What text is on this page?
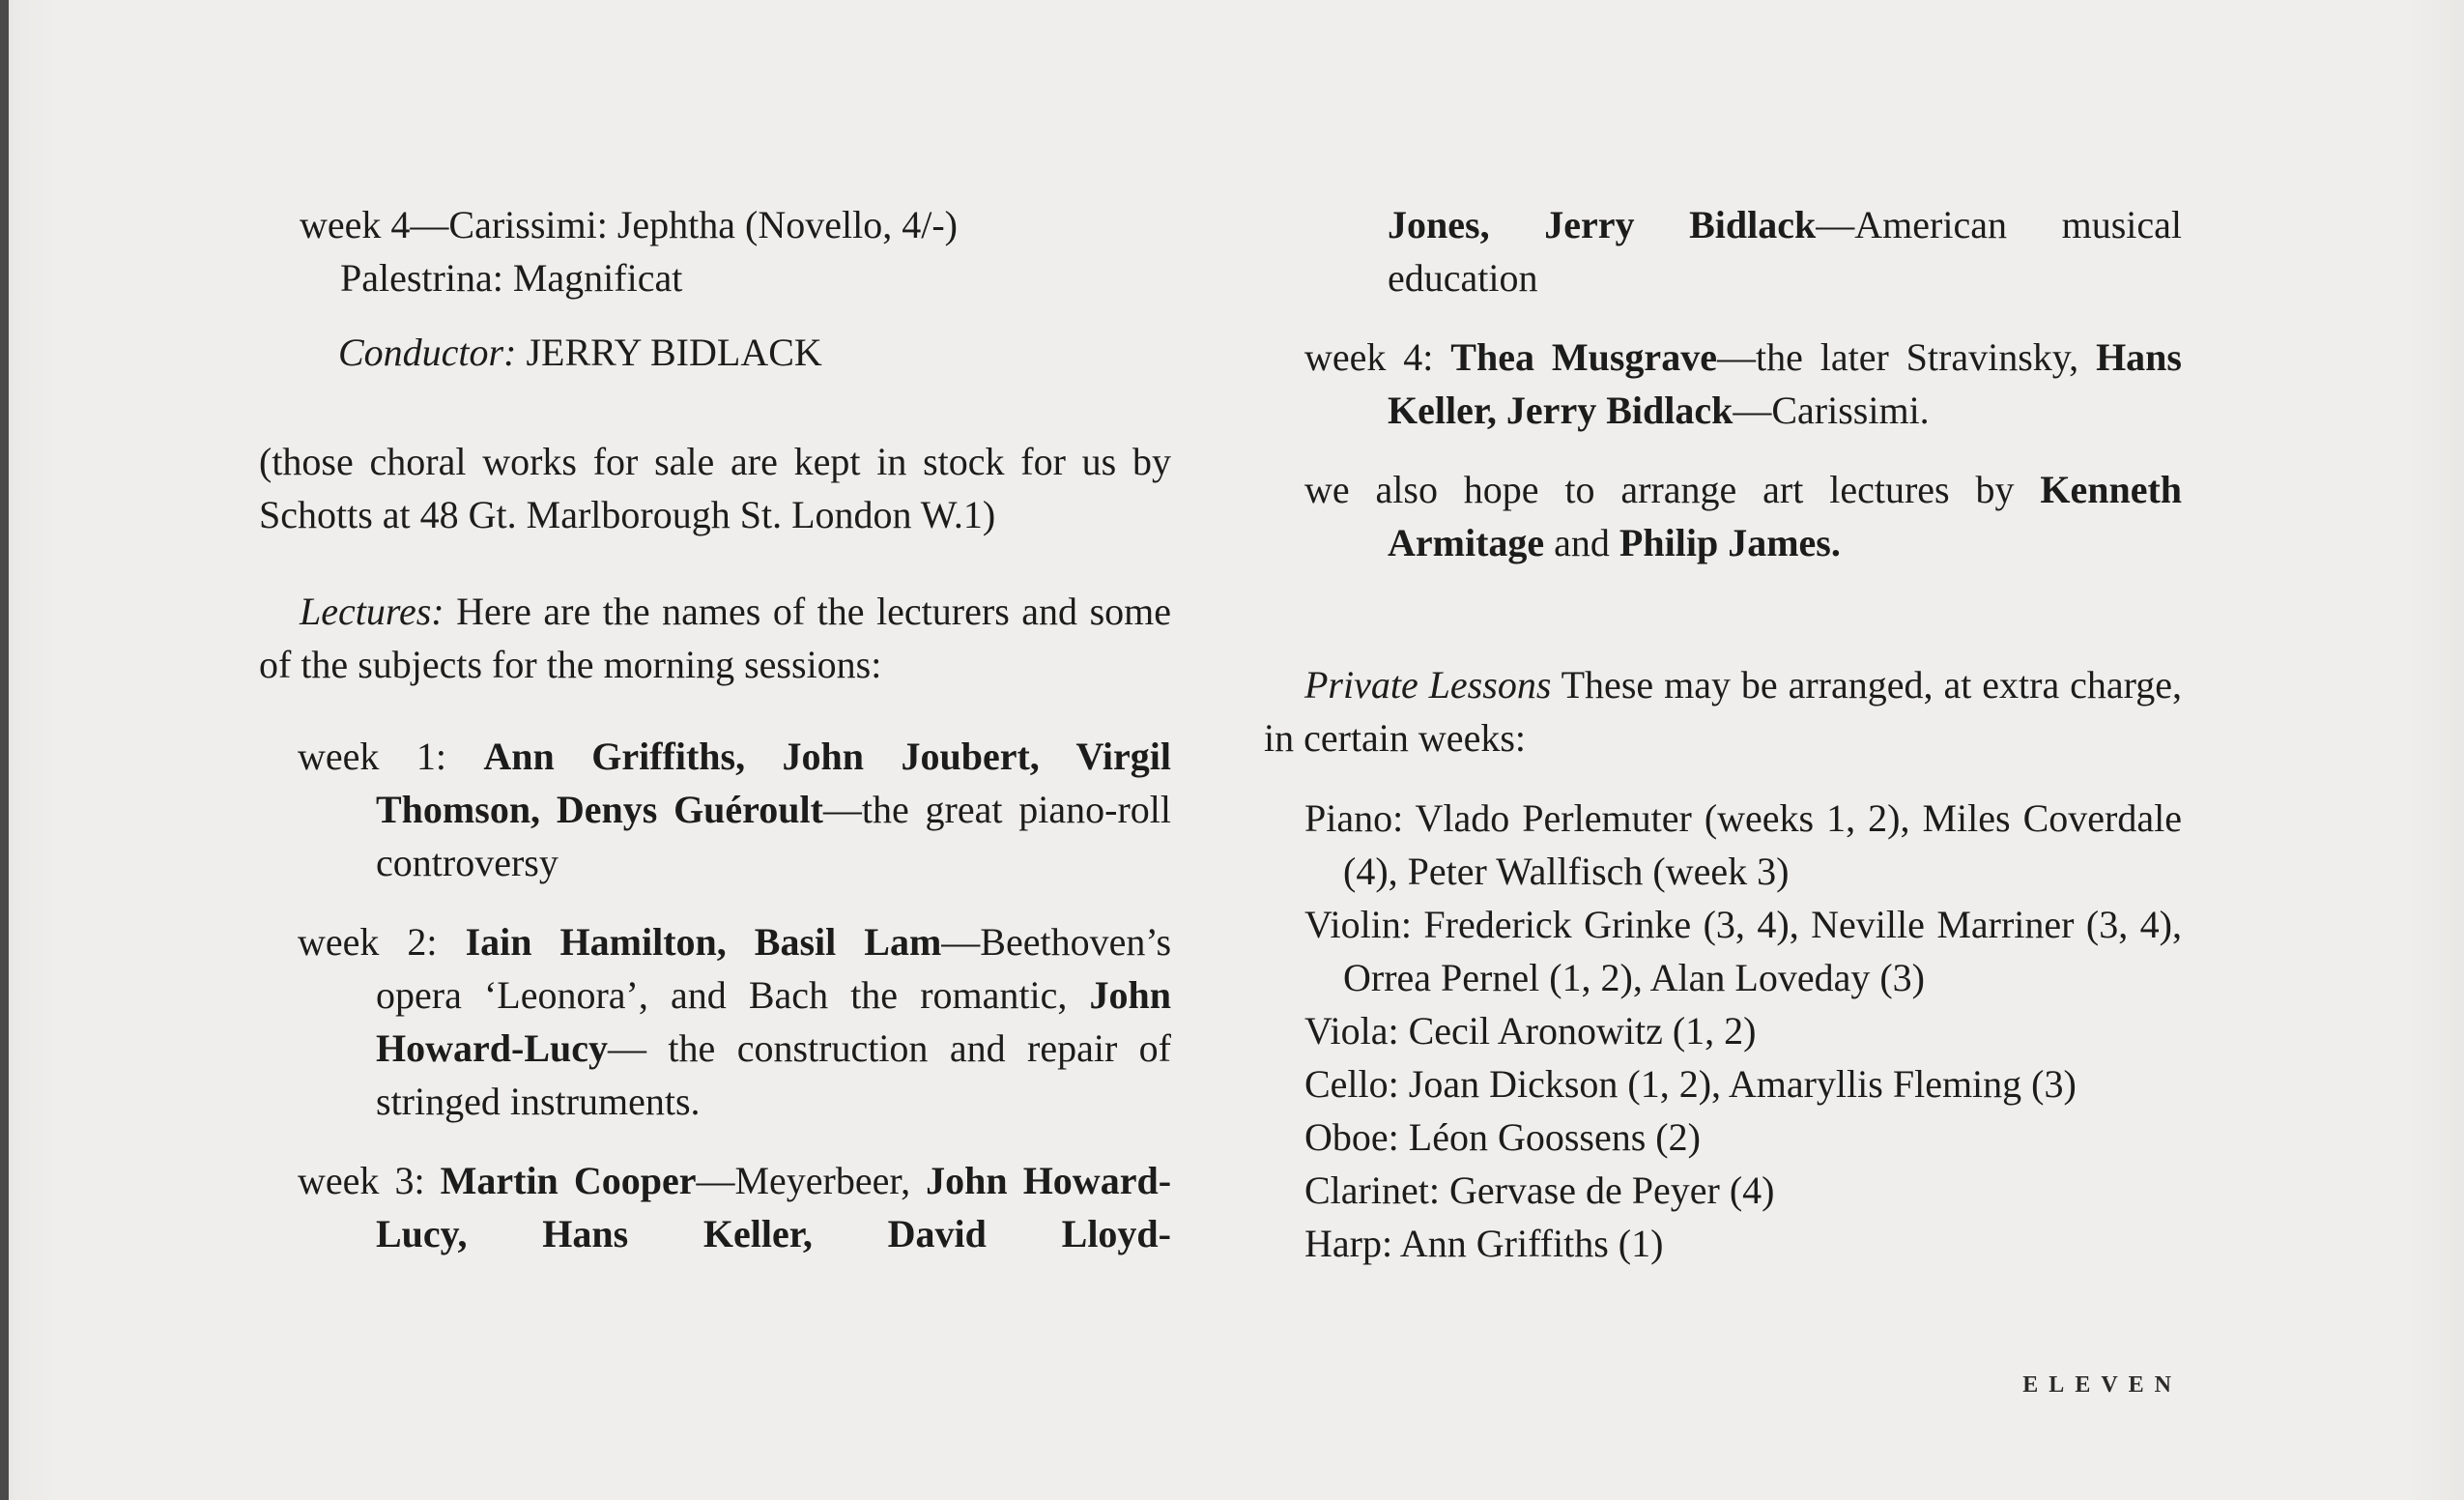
week 4—Carissimi: Jephtha (Novello, 4/-)

Palestrina: Magnificat

Conductor: JERRY BIDLACK

(those choral works for sale are kept in stock for us by Schotts at 48 Gt. Marlborough St. London W.1)

Lectures: Here are the names of the lecturers and some of the subjects for the morning sessions:

week 1: Ann Griffiths, John Joubert, Virgil Thomson, Denys Guéroult—the great piano-roll controversy

week 2: Iain Hamilton, Basil Lam—Beethoven’s opera ‘Leonora’, and Bach the romantic, John Howard-Lucy— the construction and repair of stringed instruments.

week 3: Martin Cooper—Meyerbeer, John Howard-Lucy, Hans Keller, David Lloyd-

Jones, Jerry Bidlack—American musical education

week 4: Thea Musgrave—the later Stravinsky, Hans Keller, Jerry Bidlack—Carissimi.

we also hope to arrange art lectures by Kenneth Armitage and Philip James.

Private Lessons These may be arranged, at extra charge, in certain weeks:

Piano: Vlado Perlemuter (weeks 1, 2), Miles Coverdale (4), Peter Wallfisch (week 3)

Violin: Frederick Grinke (3, 4), Neville Marriner (3, 4), Orrea Pernel (1, 2), Alan Loveday (3)

Viola: Cecil Aronowitz (1, 2)

Cello: Joan Dickson (1, 2), Amaryllis Fleming (3)

Oboe: Léon Goossens (2)

Clarinet: Gervase de Peyer (4)

Harp: Ann Griffiths (1)

ELEVEN
